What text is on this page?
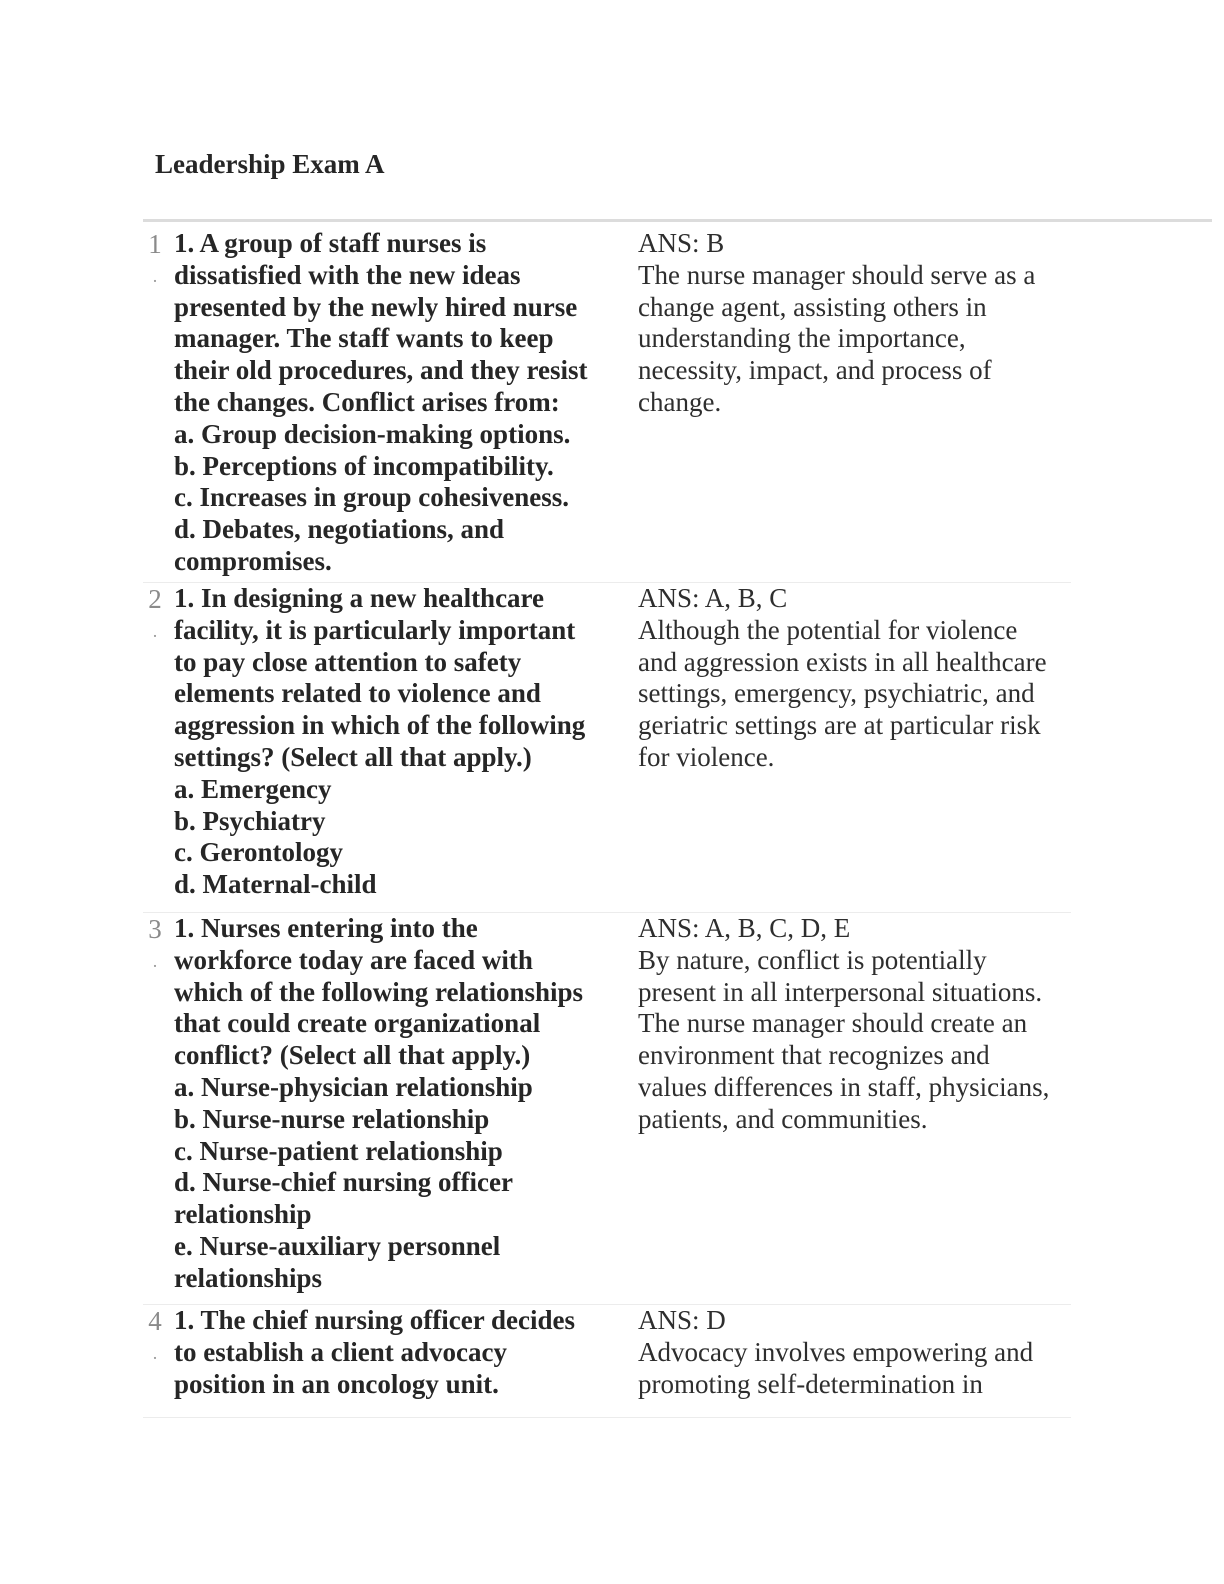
Leadership Exam A
1
.
1. A group of staff nurses is
dissatisfied with the new ideas
presented by the newly hired nurse
manager. The staff wants to keep
their old procedures, and they resist
the changes. Conflict arises from:
a. Group decision-making options.
b. Perceptions of incompatibility.
c. Increases in group cohesiveness.
d. Debates, negotiations, and
compromises.
ANS: B
The nurse manager should serve as a
change agent, assisting others in
understanding the importance,
necessity, impact, and process of
change.
2
.
1. In designing a new healthcare
facility, it is particularly important
to pay close attention to safety
elements related to violence and
aggression in which of the following
settings? (Select all that apply.)
a. Emergency
b. Psychiatry
c. Gerontology
d. Maternal-child
ANS: A, B, C
Although the potential for violence
and aggression exists in all healthcare
settings, emergency, psychiatric, and
geriatric settings are at particular risk
for violence.
3
.
1. Nurses entering into the
workforce today are faced with
which of the following relationships
that could create organizational
conflict? (Select all that apply.)
a. Nurse-physician relationship
b. Nurse-nurse relationship
c. Nurse-patient relationship
d. Nurse-chief nursing officer
relationship
e. Nurse-auxiliary personnel
relationships
ANS: A, B, C, D, E
By nature, conflict is potentially
present in all interpersonal situations.
The nurse manager should create an
environment that recognizes and
values differences in staff, physicians,
patients, and communities.
4
.
1. The chief nursing officer decides
to establish a client advocacy
position in an oncology unit.
ANS: D
Advocacy involves empowering and
promoting self-determination in
